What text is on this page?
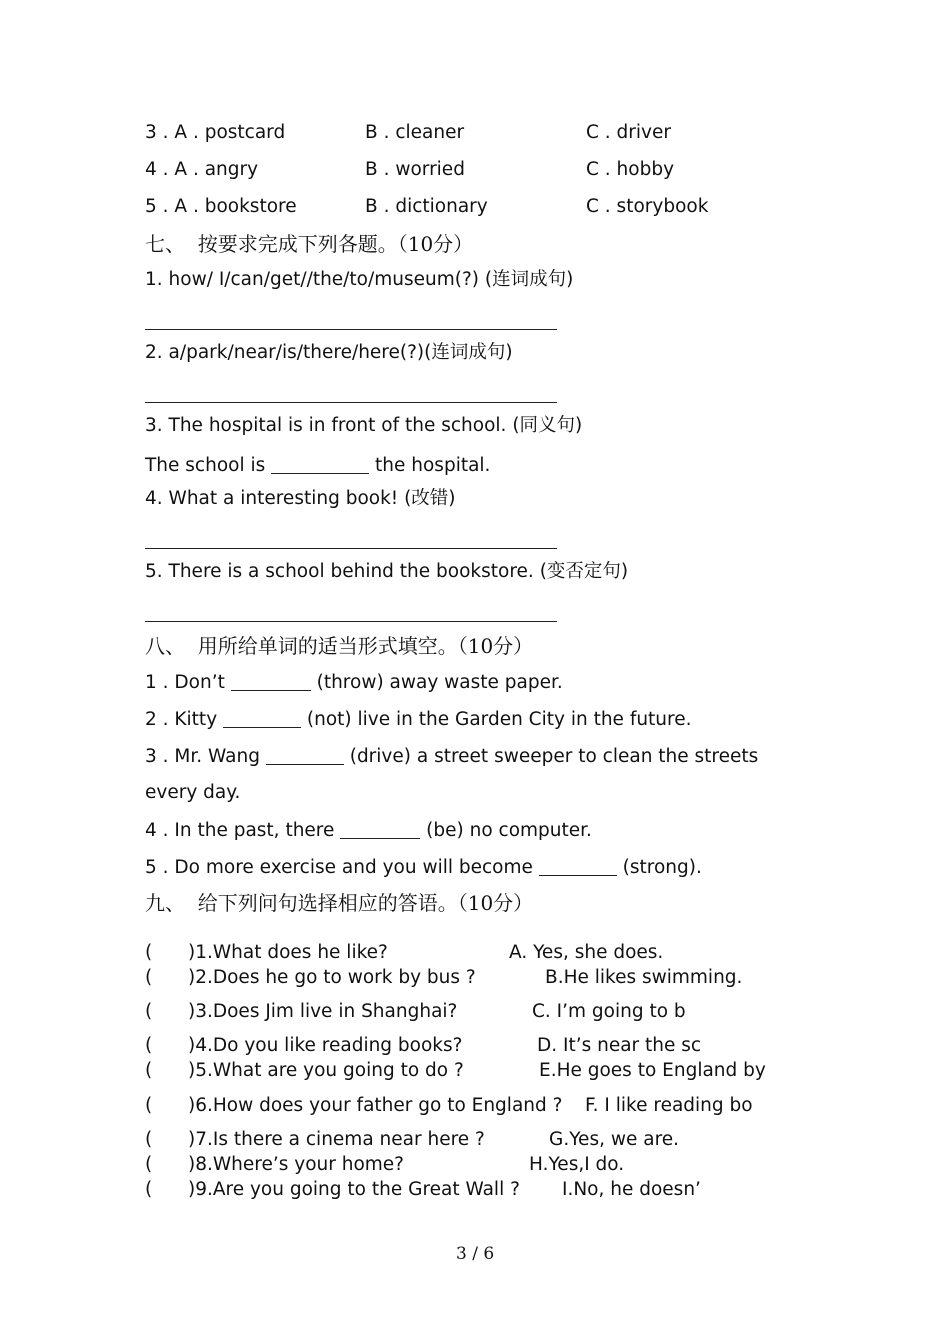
3 . A . postcard	B . cleaner	C . driver
4 . A . angry	B . worried	C . hobby
5 . A . bookstore	B . dictionary	C . storybook
七、  按要求完成下列各题。（10分）
1. how/ I/can/get//the/to/museum(?) (连词成句)
2. a/park/near/is/there/here(?)(连词成句)
3. The hospital is in front of the school. (同义句)
The school is	the hospital.
4. What a interesting book! (改错)
5. There is a school behind the bookstore. (变否定句)
八、  用所给单词的适当形式填空。（10分）
1 . Don’t	(throw) away waste paper.
2 . Kitty	(not) live in the Garden City in the future.
3 . Mr. Wang	(drive) a street sweeper to clean the streets
every day.
4 . In the past, there	(be) no computer.
5 . Do more exercise and you will become	(strong).
九、  给下列问句选择相应的答语。（10分）
( )1.What does he like?	A. Yes, she does.
( )2.Does he go to work by bus ?	B.He likes swimming.
( )3.Does Jim live in Shanghai?	C. I’m going to b
( )4.Do you like reading books?	D. It’s near the sc
( )5.What are you going to do ?	E.He goes to England by
( )6.How does your father go to England ? F. I like reading bo
( )7.Is there a cinema near here ?	G.Yes, we are.
( )8.Where’s your home?	H.Yes,I do.
( )9.Are you going to the Great Wall ? I.No, he doesn’
3 / 6
